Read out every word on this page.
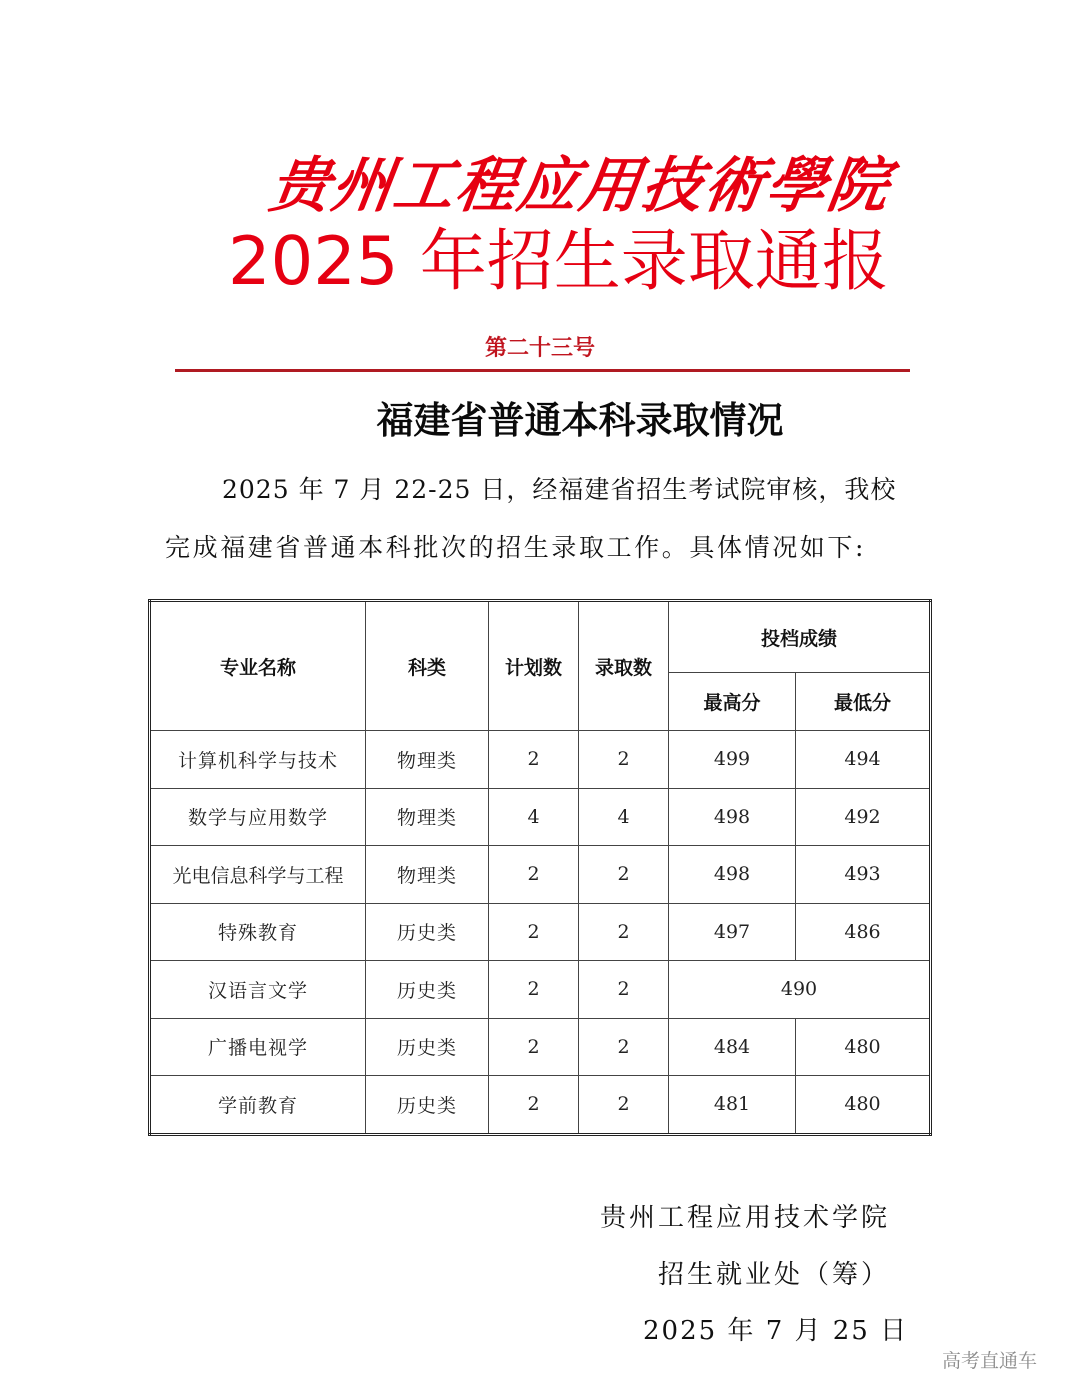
贵州工程应用技術學院
2025 年招生录取通报
第二十三号
福建省普通本科录取情况
2025 年 7 月 22-25 日，经福建省招生考试院审核，我校
完成福建省普通本科批次的招生录取工作。具体情况如下:
专业名称	科类	计划数	录取数	投档成绩	
				最高分	最低分
计算机科学与技术	物理类	2	2	499	494
数学与应用数学	物理类	4	4	498	492
光电信息科学与工程	物理类	2	2	498	493
特殊教育	历史类	2	2	497	486
汉语言文学	历史类	2	2	490	
广播电视学	历史类	2	2	484	480
学前教育	历史类	2	2	481	480
贵州工程应用技术学院
招生就业处（筹）
2025 年 7 月 25 日
高考直通车
